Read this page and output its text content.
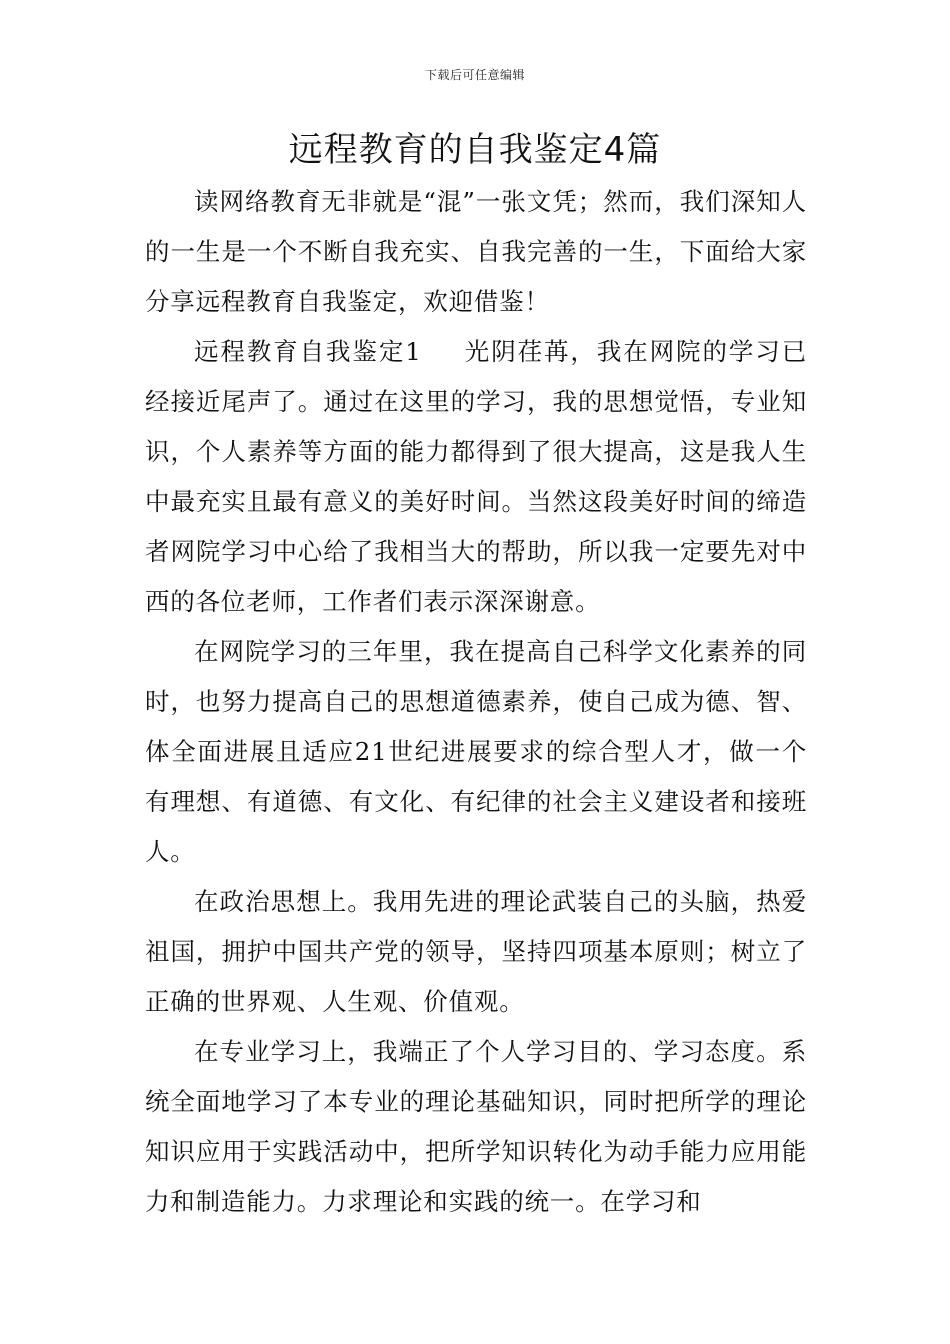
下载后可任意编辑
远程教育的自我鉴定4篇

读网络教育无非就是“混”一张文凭；然而，我们深知人的一生是一个不断自我充实、自我完善的一生，下面给大家分享远程教育自我鉴定，欢迎借鉴！

远程教育自我鉴定1 光阴荏苒，我在网院的学习已经接近尾声了。通过在这里的学习，我的思想觉悟，专业知识，个人素养等方面的能力都得到了很大提高，这是我人生中最充实且最有意义的美好时间。当然这段美好时间的缔造者网院学习中心给了我相当大的帮助，所以我一定要先对中西的各位老师，工作者们表示深深谢意。

在网院学习的三年里，我在提高自己科学文化素养的同时，也努力提高自己的思想道德素养，使自己成为德、智、体全面进展且适应21世纪进展要求的综合型人才，做一个有理想、有道德、有文化、有纪律的社会主义建设者和接班人。

在政治思想上。我用先进的理论武装自己的头脑，热爱祖国，拥护中国共产党的领导，坚持四项基本原则；树立了正确的世界观、人生观、价值观。

在专业学习上，我端正了个人学习目的、学习态度。系统全面地学习了本专业的理论基础知识，同时把所学的理论知识应用于实践活动中，把所学知识转化为动手能力应用能力和制造能力。力求理论和实践的统一。在学习和
